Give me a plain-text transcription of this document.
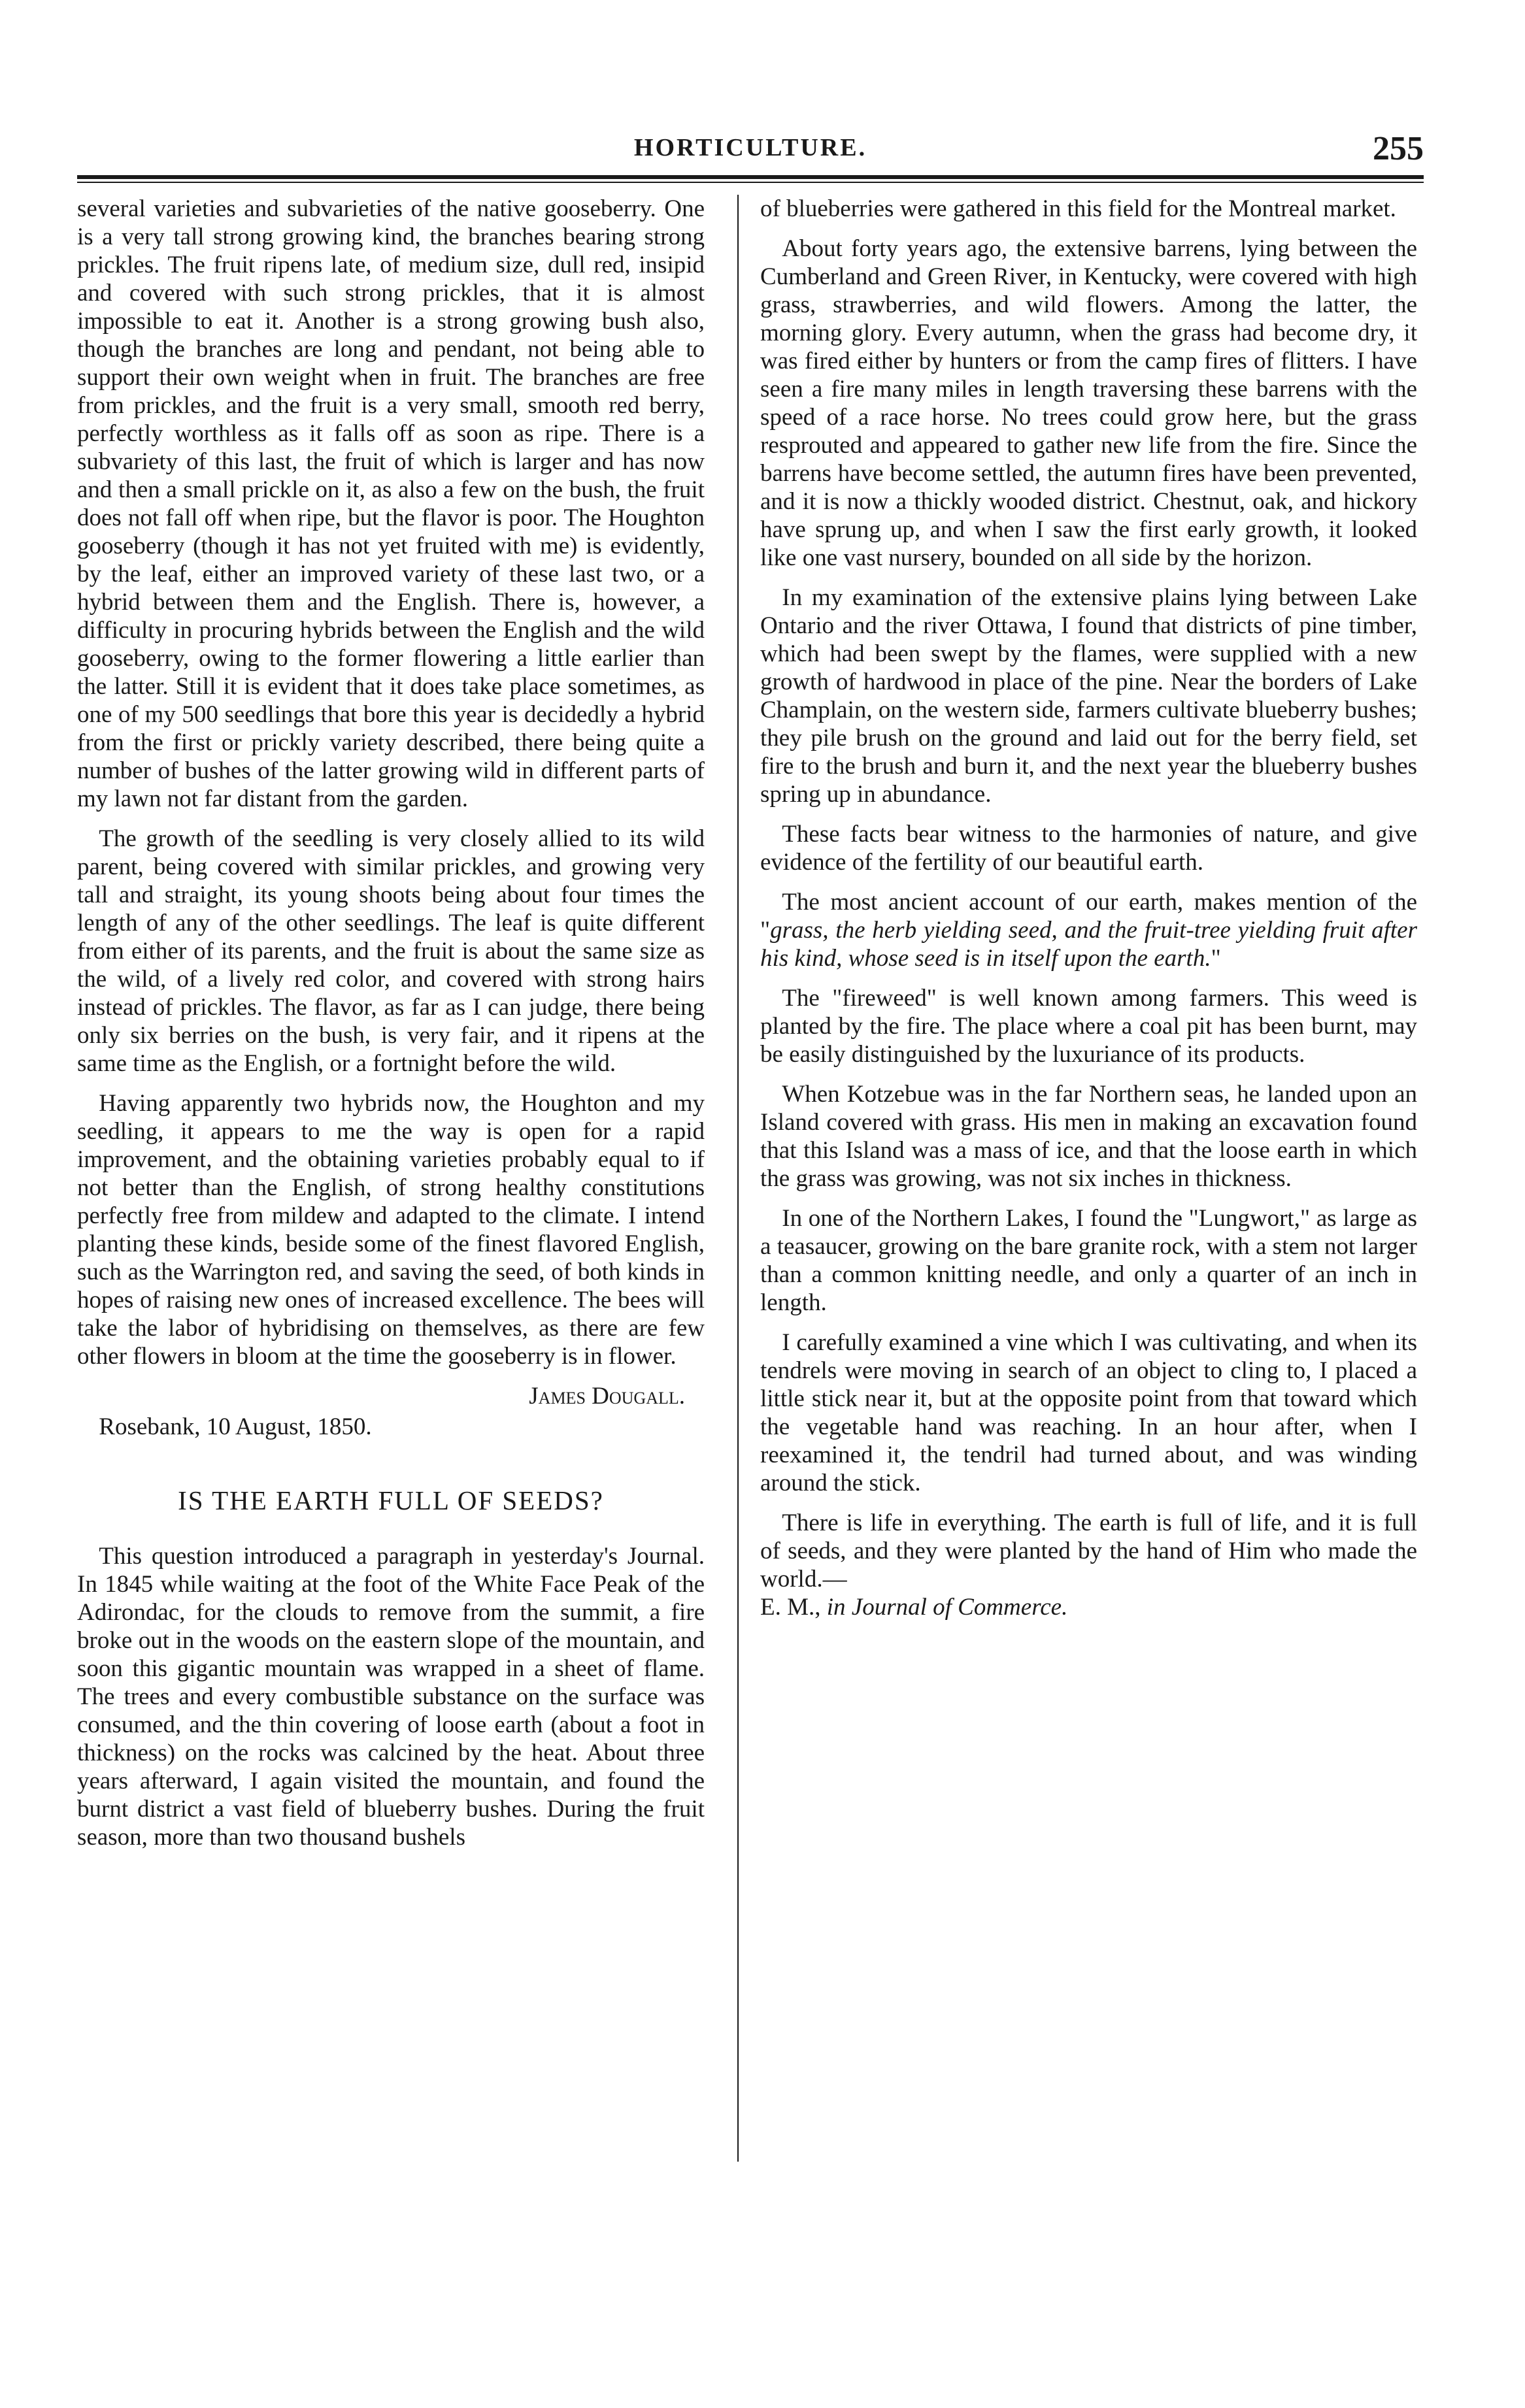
HORTICULTURE.	255

several varieties and subvarieties of the native gooseberry. One is a very tall strong growing kind, the branches bearing strong prickles. The fruit ripens late, of medium size, dull red, insipid and covered with such strong prickles, that it is almost impossible to eat it. Another is a strong growing bush also, though the branches are long and pendant, not being able to support their own weight when in fruit. The branches are free from prickles, and the fruit is a very small, smooth red berry, perfectly worthless as it falls off as soon as ripe. There is a subvariety of this last, the fruit of which is larger and has now and then a small prickle on it, as also a few on the bush, the fruit does not fall off when ripe, but the flavor is poor. The Houghton gooseberry (though it has not yet fruited with me) is evidently, by the leaf, either an improved variety of these last two, or a hybrid between them and the English. There is, however, a difficulty in procuring hybrids between the English and the wild gooseberry, owing to the former flowering a little earlier than the latter. Still it is evident that it does take place sometimes, as one of my 500 seedlings that bore this year is decidedly a hybrid from the first or prickly variety described, there being quite a number of bushes of the latter growing wild in different parts of my lawn not far distant from the garden.

The growth of the seedling is very closely allied to its wild parent, being covered with similar prickles, and growing very tall and straight, its young shoots being about four times the length of any of the other seedlings. The leaf is quite different from either of its parents, and the fruit is about the same size as the wild, of a lively red color, and covered with strong hairs instead of prickles. The flavor, as far as I can judge, there being only six berries on the bush, is very fair, and it ripens at the same time as the English, or a fortnight before the wild.

Having apparently two hybrids now, the Houghton and my seedling, it appears to me the way is open for a rapid improvement, and the obtaining varieties probably equal to if not better than the English, of strong healthy constitutions perfectly free from mildew and adapted to the climate. I intend planting these kinds, beside some of the finest flavored English, such as the Warrington red, and saving the seed, of both kinds in hopes of raising new ones of increased excellence. The bees will take the labor of hybridising on themselves, as there are few other flowers in bloom at the time the gooseberry is in flower.

James Dougall.
Rosebank, 10 August, 1850.
IS THE EARTH FULL OF SEEDS?

This question introduced a paragraph in yesterday's Journal. In 1845 while waiting at the foot of the White Face Peak of the Adirondac, for the clouds to remove from the summit, a fire broke out in the woods on the eastern slope of the mountain, and soon this gigantic mountain was wrapped in a sheet of flame. The trees and every combustible substance on the surface was consumed, and the thin covering of loose earth (about a foot in thickness) on the rocks was calcined by the heat. About three years afterward, I again visited the mountain, and found the burnt district a vast field of blueberry bushes. During the fruit season, more than two thousand bushels

of blueberries were gathered in this field for the Montreal market.

About forty years ago, the extensive barrens, lying between the Cumberland and Green River, in Kentucky, were covered with high grass, strawberries, and wild flowers. Among the latter, the morning glory. Every autumn, when the grass had become dry, it was fired either by hunters or from the camp fires of flitters. I have seen a fire many miles in length traversing these barrens with the speed of a race horse. No trees could grow here, but the grass resprouted and appeared to gather new life from the fire. Since the barrens have become settled, the autumn fires have been prevented, and it is now a thickly wooded district. Chestnut, oak, and hickory have sprung up, and when I saw the first early growth, it looked like one vast nursery, bounded on all side by the horizon.

In my examination of the extensive plains lying between Lake Ontario and the river Ottawa, I found that districts of pine timber, which had been swept by the flames, were supplied with a new growth of hardwood in place of the pine. Near the borders of Lake Champlain, on the western side, farmers cultivate blueberry bushes; they pile brush on the ground and laid out for the berry field, set fire to the brush and burn it, and the next year the blueberry bushes spring up in abundance.

These facts bear witness to the harmonies of nature, and give evidence of the fertility of our beautiful earth.

The most ancient account of our earth, makes mention of the "grass, the herb yielding seed, and the fruit-tree yielding fruit after his kind, whose seed is in itself upon the earth."

The "fireweed" is well known among farmers. This weed is planted by the fire. The place where a coal pit has been burnt, may be easily distinguished by the luxuriance of its products.

When Kotzebue was in the far Northern seas, he landed upon an Island covered with grass. His men in making an excavation found that this Island was a mass of ice, and that the loose earth in which the grass was growing, was not six inches in thickness.

In one of the Northern Lakes, I found the "Lungwort," as large as a teasaucer, growing on the bare granite rock, with a stem not larger than a common knitting needle, and only a quarter of an inch in length.

I carefully examined a vine which I was cultivating, and when its tendrels were moving in search of an object to cling to, I placed a little stick near it, but at the opposite point from that toward which the vegetable hand was reaching. In an hour after, when I reexamined it, the tendril had turned about, and was winding around the stick.

There is life in everything. The earth is full of life, and it is full of seeds, and they were planted by the hand of Him who made the world.—
E. M., in Journal of Commerce.
